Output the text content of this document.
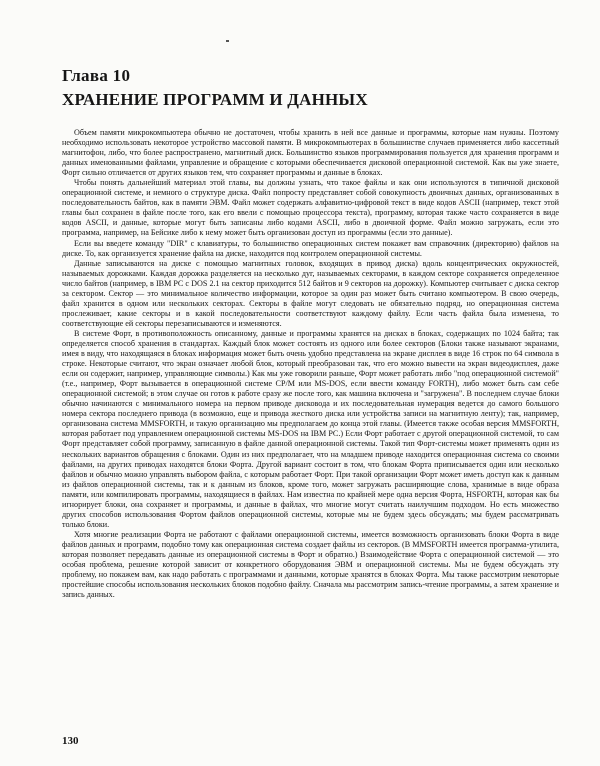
Глава 10
ХРАНЕНИЕ ПРОГРАММ И ДАННЫХ

Объем памяти микрокомпьютера обычно не достаточен, чтобы хранить в ней все данные и программы, которые нам нужны. Поэтому необходимо использовать некоторое устройство массовой памяти. В микрокомпьютерах в большинстве случаев применяется либо кассетный магнитофон, либо, что более распространено, магнитный диск. Большинство языков программирования пользуется для хранения программ и данных именованными файлами, управление и обращение с которыми обеспечивается дисковой операционной системой. Как вы уже знаете, Форт сильно отличается от других языков тем, что сохраняет программы и данные в блоках.

Чтобы понять дальнейший материал этой главы, вы должны узнать, что такое файлы и как они используются в типичной дисковой операционной системе, и немного о структуре диска. Файл попросту представляет собой совокупность двоичных данных, организованных в последовательность байтов, как в памяти ЭВМ. Файл может содержать алфавитно-цифровой текст в виде кодов ASCII (например, текст этой главы был сохранен в файле после того, как его ввели с помощью процессора текста), программу, которая также часто сохраняется в виде кодов ASCII, и данные, которые могут быть записаны либо кодами ASCII, либо в двоичной форме. Файл можно загружать, если это программа, например, на Бейсике либо к нему может быть организован доступ из программы (если это данные).

Если вы введете команду "DIR" с клавиатуры, то большинство операционных систем покажет вам справочник (директорию) файлов на диске. То, как организуется хранение файла на диске, находится под контролем операционной системы.

Данные записываются на диске с помощью магнитных головок, входящих в привод диска) вдоль концентрических окружностей, называемых дорожками. Каждая дорожка разделяется на несколько дуг, называемых секторами, в каждом секторе сохраняется определенное число байтов (например, в IBM PC с DOS 2.1 на сектор приходится 512 байтов и 9 секторов на дорожку). Компьютер считывает с диска сектор за сектором. Сектор — это минимальное количество информации, которое за один раз может быть считано компьютером. В свою очередь, файл хранится в одном или нескольких секторах. Секторы в файле могут следовать не обязательно подряд, но операционная система прослеживает, какие секторы и в какой последовательности соответствуют каждому файлу. Если часть файла была изменена, то соответствующие ей секторы перезаписываются и изменяются.

В системе Форт, в противоположность описанному, данные и программы хранятся на дисках в блоках, содержащих по 1024 байта; так определяется способ хранения в стандартах. Каждый блок может состоять из одного или более секторов (Блоки также называют экранами, имея в виду, что находящаяся в блоках информация может быть очень удобно представлена на экране дисплея в виде 16 строк по 64 символа в строке. Некоторые считают, что экран означает любой блок, который преобразован так, что его можно вывести на экран видеодисплея, даже если он содержит, например, управляющие символы.) Как мы уже говорили раньше, Форт может работать либо "под операционной системой" (т.е., например, Форт вызывается в операционной системе CP/M или MS-DOS, если ввести команду FORTH), либо может быть сам себе операционной системой; в этом случае он готов к работе сразу же после того, как машина включена и "загружена". В последнем случае блоки обычно начинаются с минимального номера на первом приводе дисковода и их последовательная нумерация ведется до самого большого номера сектора последнего привода (в возможно, еще и привода жесткого диска или устройства записи на магнитную ленту); так, например, организована система MMSFORTH, и такую организацию мы предполагаем до конца этой главы. (Имеется также особая версия MMSFORTH, которая работает под управлением операционной системы MS-DOS на IBM PC.) Если Форт работает с другой операционной системой, то сам Форт представляет собой программу, записанную в файле данной операционной системы. Такой тип Форт-системы может применять один из нескольких вариантов обращения с блоками. Один из них предполагает, что на младшем приводе находится операционная система со своими файлами, на других приводах находятся блоки Форта. Другой вариант состоит в том, что блокам Форта приписывается один или несколько файлов и обычно можно управлять выбором файла, с которым работает Форт. При такой организации Форт может иметь доступ как к данным из файлов операционной системы, так и к данным из блоков, кроме того, может загружать расширяющие слова, хранимые в виде образа памяти, или компилировать программы, находящиеся в файлах. Нам известна по крайней мере одна версия Форта, HSFORTH, которая как бы игнорирует блоки, она сохраняет и программы, и данные в файлах, что многие могут считать наилучшим подходом. Но есть множество других способов использования Фортом файлов операционной системы, которые мы не будем здесь обсуждать; мы будем рассматривать только блоки.

Хотя многие реализации Форта не работают с файлами операционной системы, имеется возможность организовать блоки Форта в виде файлов данных и программ, подобно тому как операционная система создает файлы из секторов. (В MMSFORTH имеется программа-утилита, которая позволяет передавать данные из операционной системы в Форт и обратно.) Взаимодействие Форта с операционной системой — это особая проблема, решение которой зависит от конкретного оборудования ЭВМ и операционной системы. Мы не будем обсуждать эту проблему, но покажем вам, как надо работать с программами и данными, которые хранятся в блоках Форта. Мы также рассмотрим некоторые простейшие способы использования нескольких блоков подобно файлу. Сначала мы рассмотрим запись-чтение программы, а затем хранение и запись данных.

130
